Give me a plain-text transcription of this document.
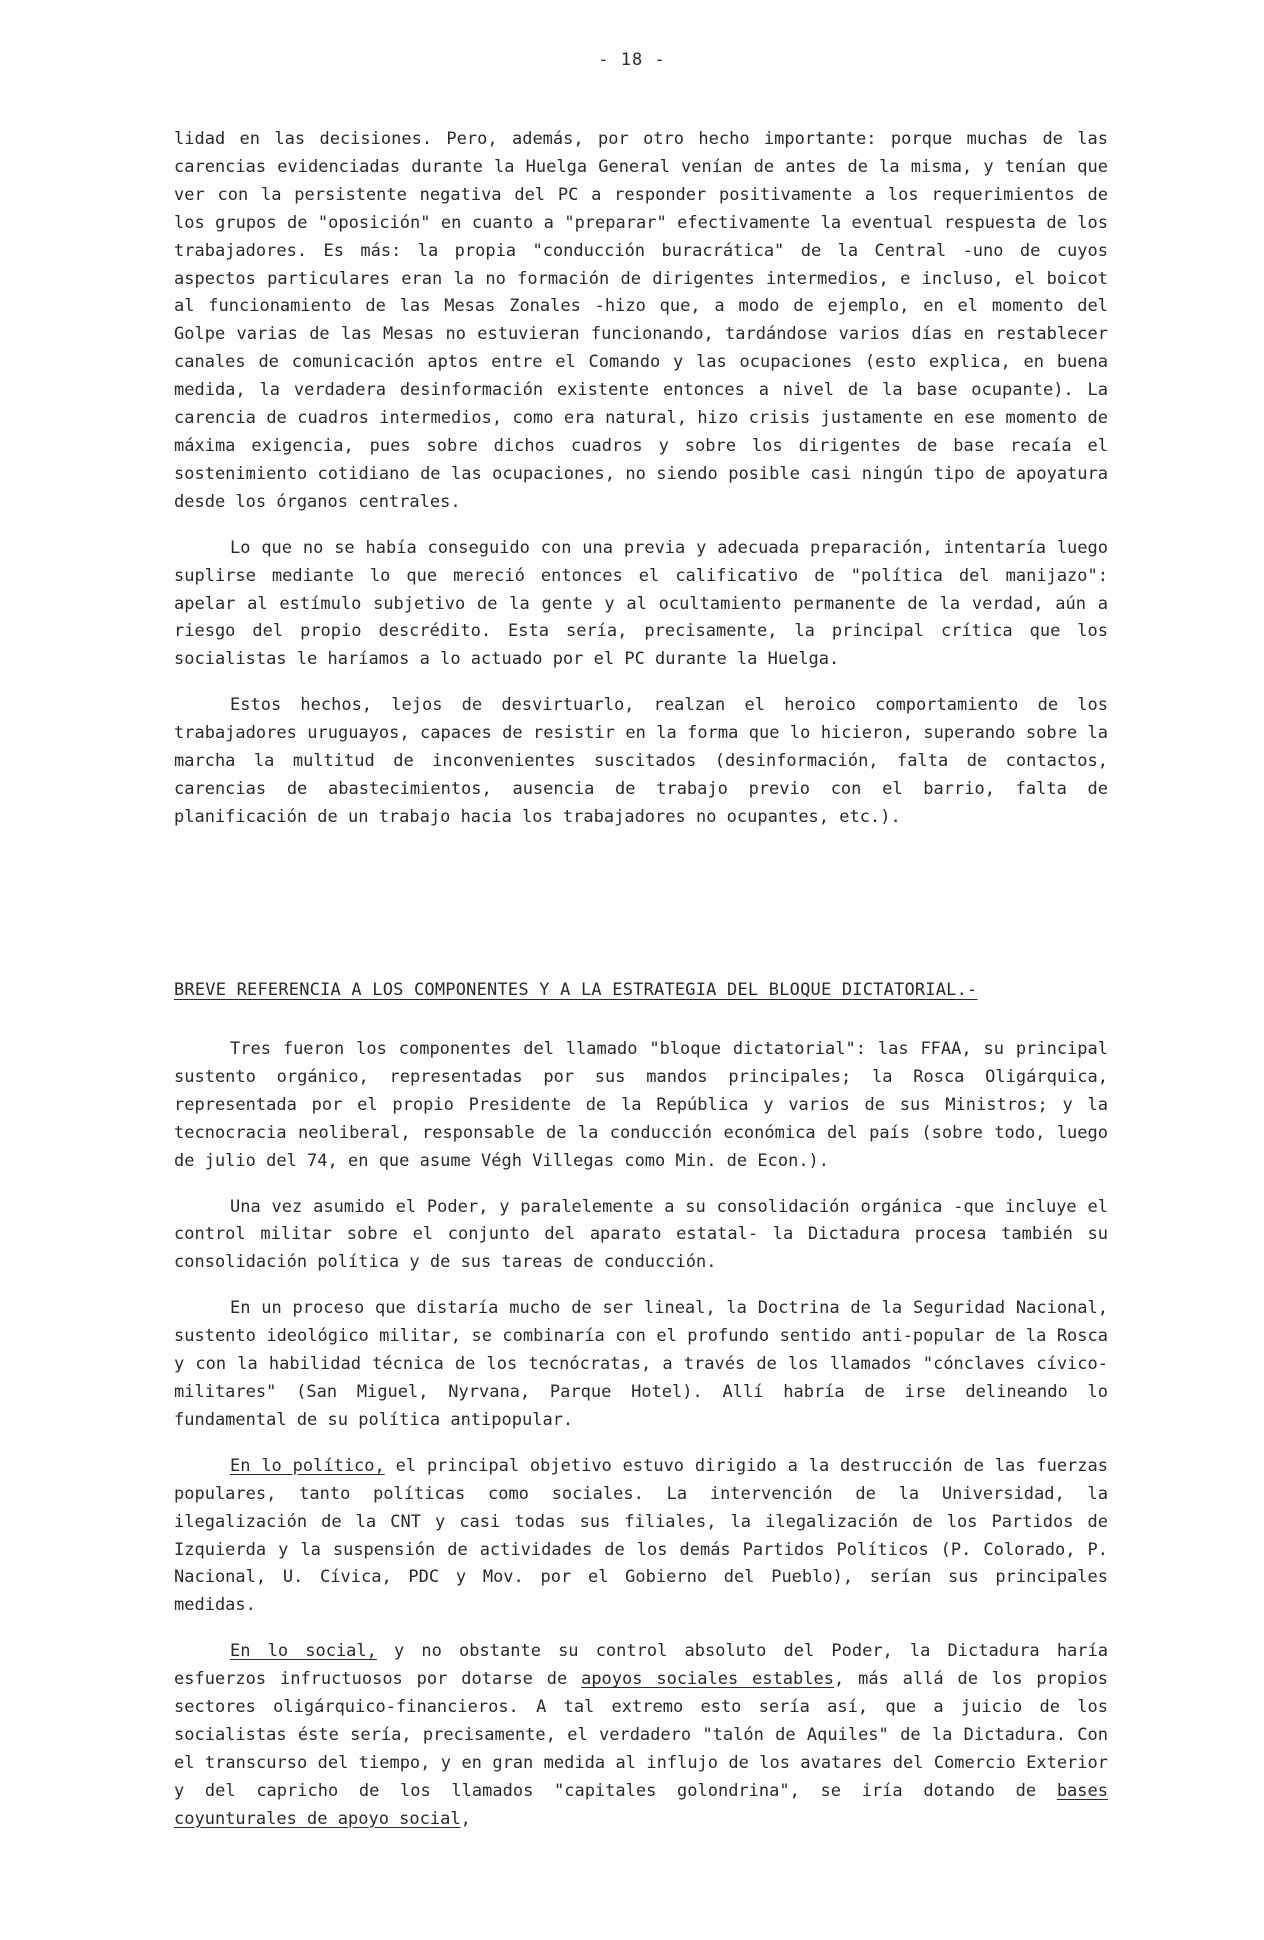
- 18 -

lidad en las decisiones. Pero, además, por otro hecho importante: porque muchas de las carencias evidenciadas durante la Huelga General venían de antes de la misma, y tenían que ver con la persistente negativa del PC a responder positivamente a los requerimientos de los grupos de "oposición" en cuanto a "preparar" efectivamente la eventual respuesta de los trabajadores. Es más: la propia "conducción buracrática" de la Central -uno de cuyos aspectos particulares eran la no formación de dirigentes intermedios, e incluso, el boicot al funcionamiento de las Mesas Zonales -hizo que, a modo de ejemplo, en el momento del Golpe varias de las Mesas no estuvieran funcionando, tardándose varios días en restablecer canales de comunicación aptos entre el Comando y las ocupaciones (esto explica, en buena medida, la verdadera desinformación existente entonces a nivel de la base ocupante). La carencia de cuadros intermedios, como era natural, hizo crisis justamente en ese momento de máxima exigencia, pues sobre dichos cuadros y sobre los dirigentes de base recaía el sostenimiento cotidiano de las ocupaciones, no siendo posible casi ningún tipo de apoyatura desde los órganos centrales.

Lo que no se había conseguido con una previa y adecuada preparación, intentaría luego suplirse mediante lo que mereció entonces el calificativo de "política del manijazo": apelar al estímulo subjetivo de la gente y al ocultamiento permanente de la verdad, aún a riesgo del propio descrédito. Esta sería, precisamente, la principal crítica que los socialistas le haríamos a lo actuado por el PC durante la Huelga.

Estos hechos, lejos de desvirtuarlo, realzan el heroico comportamiento de los trabajadores uruguayos, capaces de resistir en la forma que lo hicieron, superando sobre la marcha la multitud de inconvenientes suscitados (desinformación, falta de contactos, carencias de abastecimientos, ausencia de trabajo previo con el barrio, falta de planificación de un trabajo hacia los trabajadores no ocupantes, etc.).

BREVE REFERENCIA A LOS COMPONENTES Y A LA ESTRATEGIA DEL BLOQUE DICTATORIAL.-

Tres fueron los componentes del llamado "bloque dictatorial": las FFAA, su principal sustento orgánico, representadas por sus mandos principales; la Rosca Oligárquica, representada por el propio Presidente de la República y varios de sus Ministros; y la tecnocracia neoliberal, responsable de la conducción económica del país (sobre todo, luego de julio del 74, en que asume Végh Villegas como Min. de Econ.).

Una vez asumido el Poder, y paralelemente a su consolidación orgánica -que incluye el control militar sobre el conjunto del aparato estatal- la Dictadura procesa también su consolidación política y de sus tareas de conducción.

En un proceso que distaría mucho de ser lineal, la Doctrina de la Seguridad Nacional, sustento ideológico militar, se combinaría con el profundo sentido anti-popular de la Rosca y con la habilidad técnica de los tecnócratas, a través de los llamados "cónclaves cívico-militares" (San Miguel, Nyrvana, Parque Hotel). Allí habría de irse delineando lo fundamental de su política antipopular.

En lo político, el principal objetivo estuvo dirigido a la destrucción de las fuerzas populares, tanto políticas como sociales. La intervención de la Universidad, la ilegalización de la CNT y casi todas sus filiales, la ilegalización de los Partidos de Izquierda y la suspensión de actividades de los demás Partidos Políticos (P. Colorado, P. Nacional, U. Cívica, PDC y Mov. por el Gobierno del Pueblo), serían sus principales medidas.

En lo social, y no obstante su control absoluto del Poder, la Dictadura haría esfuerzos infructuosos por dotarse de apoyos sociales estables, más allá de los propios sectores oligárquico-financieros. A tal extremo esto sería así, que a juicio de los socialistas éste sería, precisamente, el verdadero "talón de Aquiles" de la Dictadura. Con el transcurso del tiempo, y en gran medida al influjo de los avatares del Comercio Exterior y del capricho de los llamados "capitales golondrina", se iría dotando de bases coyunturales de apoyo social,
